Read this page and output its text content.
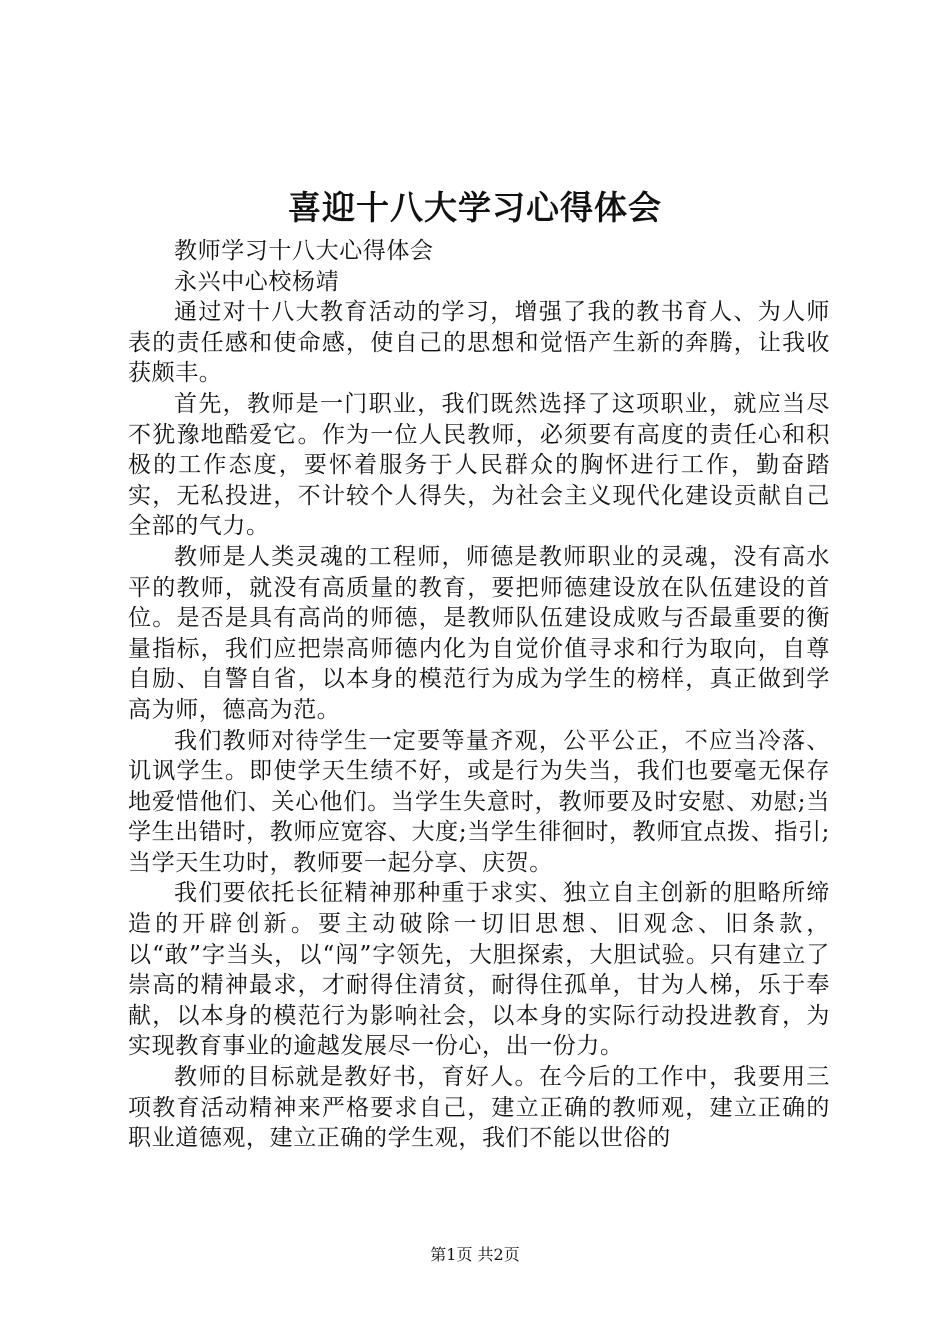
喜迎十八大学习心得体会

教师学习十八大心得体会

永兴中心校杨靖

通过对十八大教育活动的学习，增强了我的教书育人、为人师表的责任感和使命感，使自己的思想和觉悟产生新的奔腾，让我收获颇丰。

首先，教师是一门职业，我们既然选择了这项职业，就应当尽不犹豫地酷爱它。作为一位人民教师，必须要有高度的责任心和积极的工作态度，要怀着服务于人民群众的胸怀进行工作，勤奋踏实，无私投进，不计较个人得失，为社会主义现代化建设贡献自己全部的气力。

教师是人类灵魂的工程师，师德是教师职业的灵魂，没有高水平的教师，就没有高质量的教育，要把师德建设放在队伍建设的首位。是否是具有高尚的师德，是教师队伍建设成败与否最重要的衡量指标，我们应把崇高师德内化为自觉价值寻求和行为取向，自尊自励、自警自省，以本身的模范行为成为学生的榜样，真正做到学高为师，德高为范。

我们教师对待学生一定要等量齐观，公平公正，不应当冷落、讥讽学生。即使学天生绩不好，或是行为失当，我们也要毫无保存地爱惜他们、关心他们。当学生失意时，教师要及时安慰、劝慰;当学生出错时，教师应宽容、大度;当学生徘徊时，教师宜点拨、指引;当学天生功时，教师要一起分享、庆贺。

我们要依托长征精神那种重于求实、独立自主创新的胆略所缔造的开辟创新。要主动破除一切旧思想、旧观念、旧条款，以“敢”字当头，以“闯”字领先，大胆探索，大胆试验。只有建立了崇高的精神最求，才耐得住清贫，耐得住孤单，甘为人梯，乐于奉献，以本身的模范行为影响社会，以本身的实际行动投进教育，为实现教育事业的逾越发展尽一份心，出一份力。

教师的目标就是教好书，育好人。在今后的工作中，我要用三项教育活动精神来严格要求自己，建立正确的教师观，建立正确的职业道德观，建立正确的学生观，我们不能以世俗的

第1页 共2页
